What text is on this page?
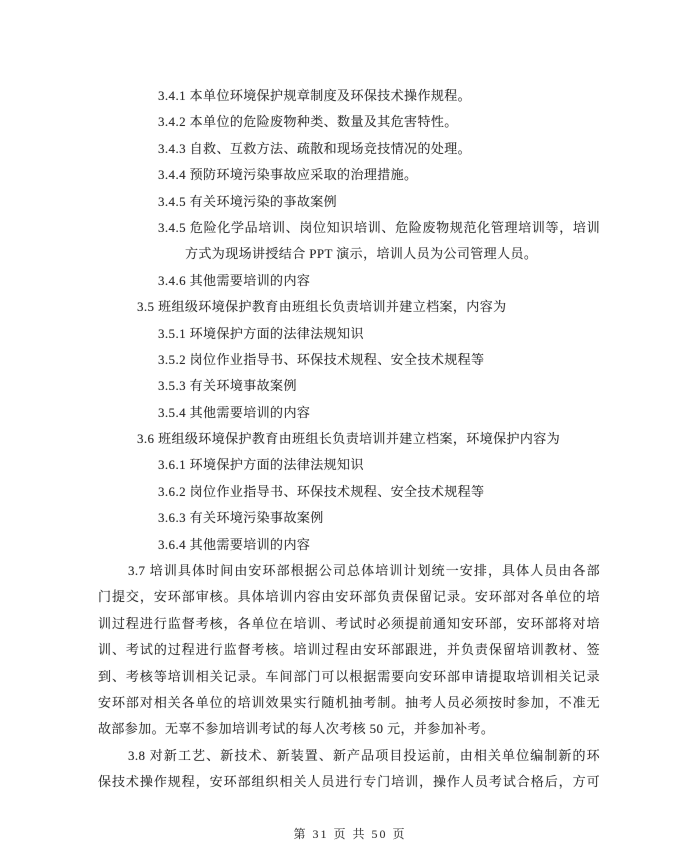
3.4.1 本单位环境保护规章制度及环保技术操作规程。
3.4.2 本单位的危险废物种类、数量及其危害特性。
3.4.3 自救、互救方法、疏散和现场竞技情况的处理。
3.4.4 预防环境污染事故应采取的治理措施。
3.4.5 有关环境污染的亊故案例
3.4.5 危险化学品培训、岗位知识培训、危险废物规范化管理培训等，培训
方式为现场讲授结合 PPT 演示，培训人员为公司管理人员。
3.4.6 其他需要培训的内容
3.5 班组级环境保护教育由班组长负责培训并建立档案，内容为
3.5.1 环境保护方面的法律法规知识
3.5.2 岗位作业指导书、环保技术规程、安全技术规程等
3.5.3 有关环境事故案例
3.5.4 其他需要培训的内容
3.6 班组级环境保护教育由班组长负责培训并建立档案，环境保护内容为
3.6.1 环境保护方面的法律法规知识
3.6.2 岗位作业指导书、环保技术规程、安全技术规程等
3.6.3 有关环境污染事故案例
3.6.4 其他需要培训的内容
3.7 培训具体时间由安环部根据公司总体培训计划统一安排，具体人员由各部
门提交，安环部审核。具体培训内容由安环部负责保留记录。安环部对各单位的培
训过程进行监督考核，各单位在培训、考试时必须提前通知安环部，安环部将对培
训、考试的过程进行监督考核。培训过程由安环部跟进，并负责保留培训教材、签
到、考核等培训相关记录。车间部门可以根据需要向安环部申请提取培训相关记录
安环部对相关各单位的培训效果实行随机抽考制。抽考人员必须按时参加，不准无
故部参加。无辜不参加培训考试的每人次考核 50 元，并参加补考。
3.8 对新工艺、新技术、新装置、新产品项目投运前，由相关单位编制新的环
保技术操作规程，安环部组织相关人员进行专门培训，操作人员考试合格后，方可
第 31 页 共 50 页
